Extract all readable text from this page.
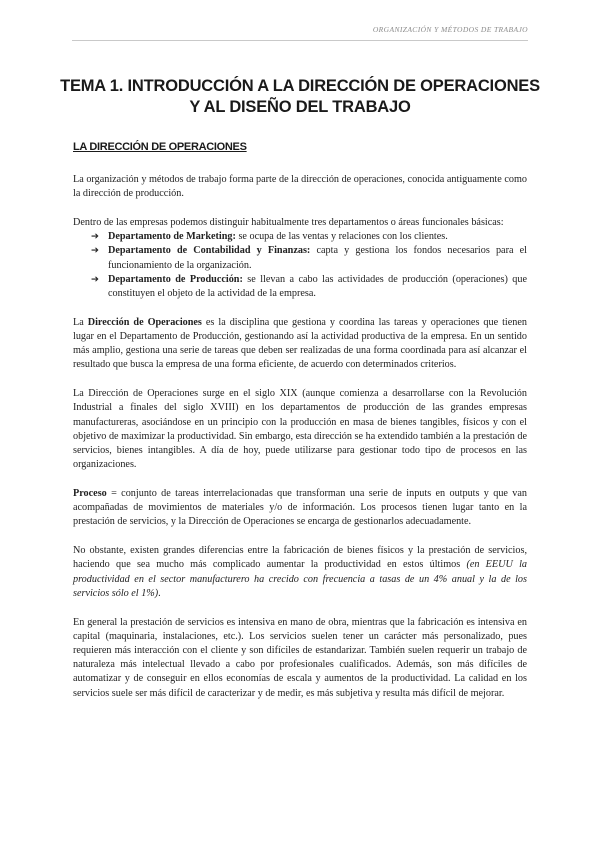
ORGANIZACIÓN Y MÉTODOS DE TRABAJO
TEMA 1. INTRODUCCIÓN A LA DIRECCIÓN DE OPERACIONES
Y AL DISEÑO DEL TRABAJO
LA DIRECCIÓN DE OPERACIONES

La organización y métodos de trabajo forma parte de la dirección de operaciones, conocida antiguamente como la dirección de producción.

Dentro de las empresas podemos distinguir habitualmente tres departamentos o áreas funcionales básicas:

➔ Departamento de Marketing: se ocupa de las ventas y relaciones con los clientes.
➔ Departamento de Contabilidad y Finanzas: capta y gestiona los fondos necesarios para el funcionamiento de la organización.
➔ Departamento de Producción: se llevan a cabo las actividades de producción (operaciones) que constituyen el objeto de la actividad de la empresa.

La Dirección de Operaciones es la disciplina que gestiona y coordina las tareas y operaciones que tienen lugar en el Departamento de Producción, gestionando así la actividad productiva de la empresa. En un sentido más amplio, gestiona una serie de tareas que deben ser realizadas de una forma coordinada para así alcanzar el resultado que busca la empresa de una forma eficiente, de acuerdo con determinados criterios.

La Dirección de Operaciones surge en el siglo XIX (aunque comienza a desarrollarse con la Revolución Industrial a finales del siglo XVIII) en los departamentos de producción de las grandes empresas manufactureras, asociándose en un principio con la producción en masa de bienes tangibles, físicos y con el objetivo de maximizar la productividad. Sin embargo, esta dirección se ha extendido también a la prestación de servicios, bienes intangibles. A día de hoy, puede utilizarse para gestionar todo tipo de procesos en las organizaciones.

Proceso = conjunto de tareas interrelacionadas que transforman una serie de inputs en outputs y que van acompañadas de movimientos de materiales y/o de información. Los procesos tienen lugar tanto en la prestación de servicios, y la Dirección de Operaciones se encarga de gestionarlos adecuadamente.

No obstante, existen grandes diferencias entre la fabricación de bienes físicos y la prestación de servicios, haciendo que sea mucho más complicado aumentar la productividad en estos últimos (en EEUU la productividad en el sector manufacturero ha crecido con frecuencia a tasas de un 4% anual y la de los servicios sólo el 1%).

En general la prestación de servicios es intensiva en mano de obra, mientras que la fabricación es intensiva en capital (maquinaria, instalaciones, etc.). Los servicios suelen tener un carácter más personalizado, pues requieren más interacción con el cliente y son difíciles de estandarizar. También suelen requerir un trabajo de naturaleza más intelectual llevado a cabo por profesionales cualificados. Además, son más difíciles de automatizar y de conseguir en ellos economías de escala y aumentos de la productividad. La calidad en los servicios suele ser más difícil de caracterizar y de medir, es más subjetiva y resulta más difícil de mejorar.
